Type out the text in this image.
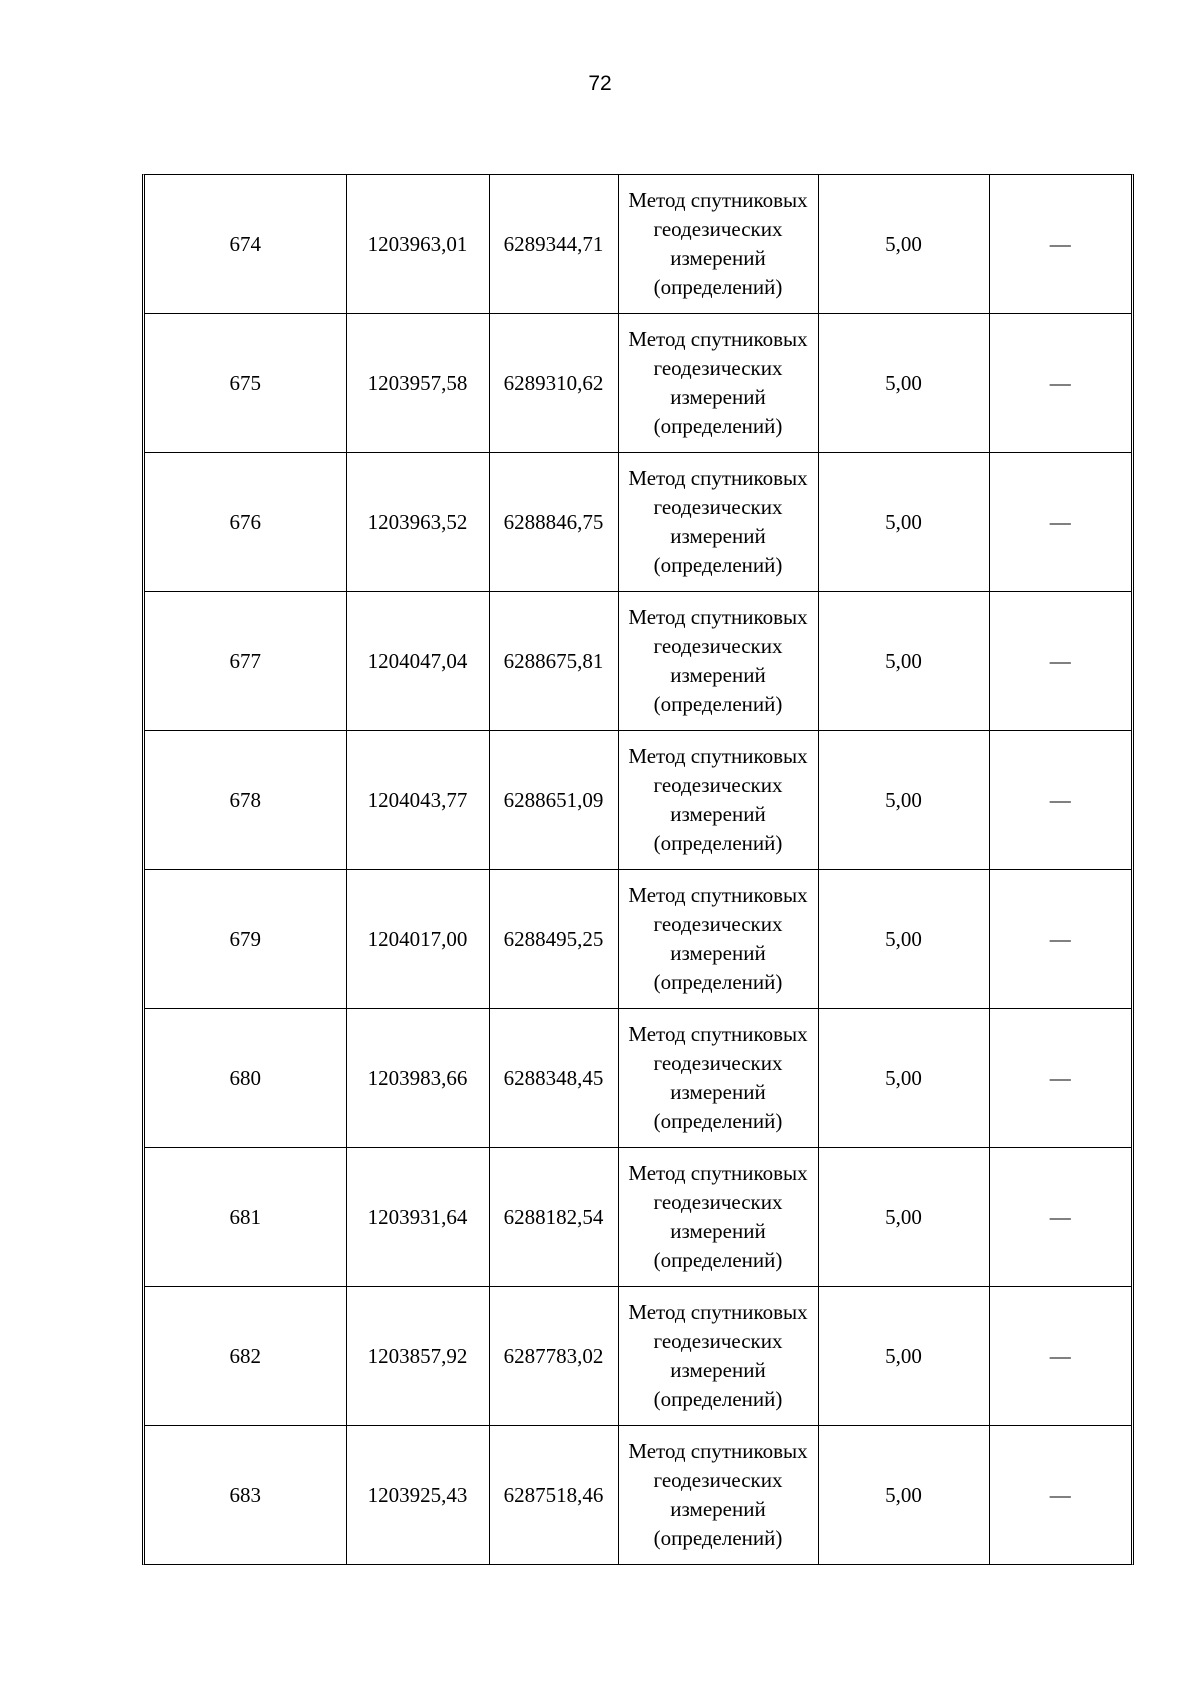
72
674	1203963,01	6289344,71	Метод спутниковых
геодезических
измерений
(определений)	5,00	—
675	1203957,58	6289310,62	Метод спутниковых
геодезических
измерений
(определений)	5,00	—
676	1203963,52	6288846,75	Метод спутниковых
геодезических
измерений
(определений)	5,00	—
677	1204047,04	6288675,81	Метод спутниковых
геодезических
измерений
(определений)	5,00	—
678	1204043,77	6288651,09	Метод спутниковых
геодезических
измерений
(определений)	5,00	—
679	1204017,00	6288495,25	Метод спутниковых
геодезических
измерений
(определений)	5,00	—
680	1203983,66	6288348,45	Метод спутниковых
геодезических
измерений
(определений)	5,00	—
681	1203931,64	6288182,54	Метод спутниковых
геодезических
измерений
(определений)	5,00	—
682	1203857,92	6287783,02	Метод спутниковых
геодезических
измерений
(определений)	5,00	—
683	1203925,43	6287518,46	Метод спутниковых
геодезических
измерений
(определений)	5,00	—
